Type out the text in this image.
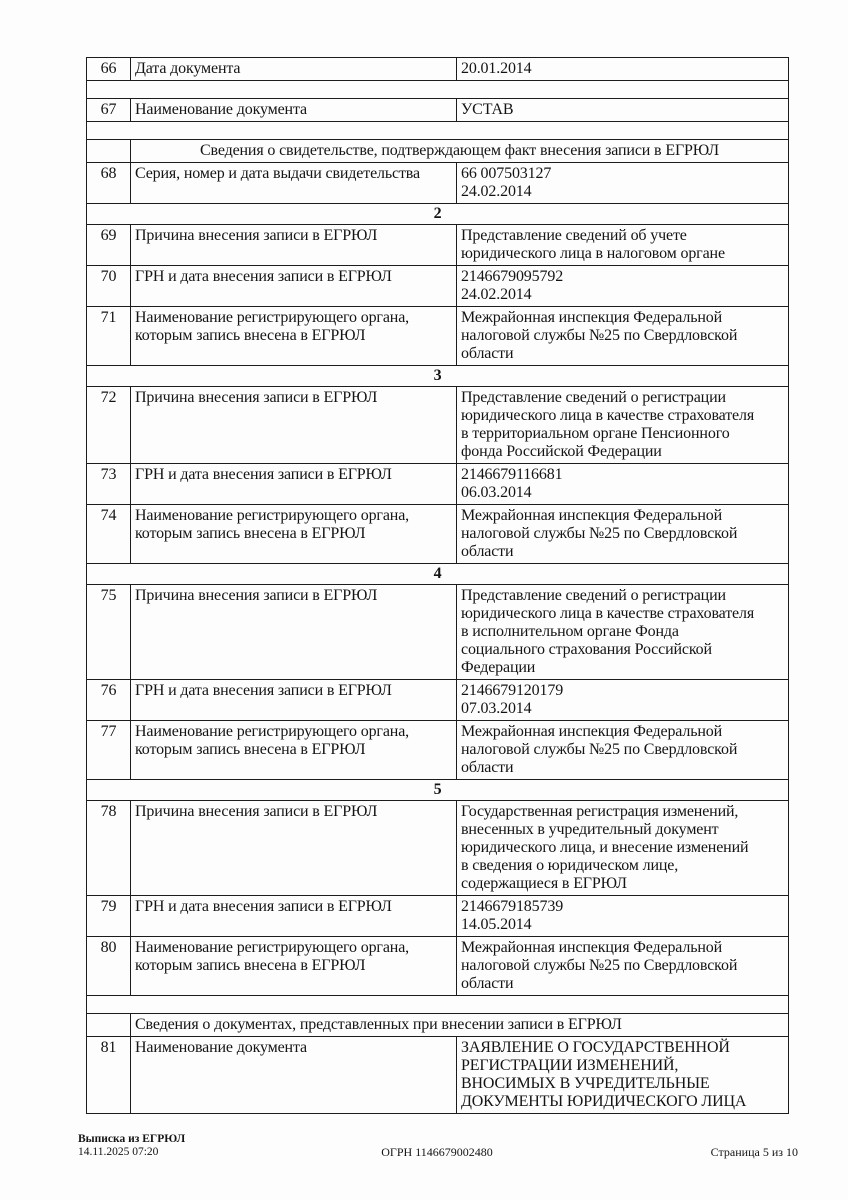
66	Дата документа	20.01.2014

67	Наименование документа	УСТАВ

	Сведения о свидетельстве, подтверждающем факт внесения записи в ЕГРЮЛ	
68	Серия, номер и дата выдачи свидетельства	66 007503127
24.02.2014
2		
69	Причина внесения записи в ЕГРЮЛ	Представление сведений об учете
юридического лица в налоговом органе
70	ГРН и дата внесения записи в ЕГРЮЛ	2146679095792
24.02.2014
71	Наименование регистрирующего органа,
которым запись внесена в ЕГРЮЛ	Межрайонная инспекция Федеральной
налоговой службы №25 по Свердловской
области
3		
72	Причина внесения записи в ЕГРЮЛ	Представление сведений о регистрации
юридического лица в качестве страхователя
в территориальном органе Пенсионного
фонда Российской Федерации
73	ГРН и дата внесения записи в ЕГРЮЛ	2146679116681
06.03.2014
74	Наименование регистрирующего органа,
которым запись внесена в ЕГРЮЛ	Межрайонная инспекция Федеральной
налоговой службы №25 по Свердловской
области
4		
75	Причина внесения записи в ЕГРЮЛ	Представление сведений о регистрации
юридического лица в качестве страхователя
в исполнительном органе Фонда
социального страхования Российской
Федерации
76	ГРН и дата внесения записи в ЕГРЮЛ	2146679120179
07.03.2014
77	Наименование регистрирующего органа,
которым запись внесена в ЕГРЮЛ	Межрайонная инспекция Федеральной
налоговой службы №25 по Свердловской
области
5		
78	Причина внесения записи в ЕГРЮЛ	Государственная регистрация изменений,
внесенных в учредительный документ
юридического лица, и внесение изменений
в сведения о юридическом лице,
содержащиеся в ЕГРЮЛ
79	ГРН и дата внесения записи в ЕГРЮЛ	2146679185739
14.05.2014
80	Наименование регистрирующего органа,
которым запись внесена в ЕГРЮЛ	Межрайонная инспекция Федеральной
налоговой службы №25 по Свердловской
области

	Сведения о документах, представленных при внесении записи в ЕГРЮЛ	
81	Наименование документа	ЗАЯВЛЕНИЕ О ГОСУДАРСТВЕННОЙ
РЕГИСТРАЦИИ ИЗМЕНЕНИЙ,
ВНОСИМЫХ В УЧРЕДИТЕЛЬНЫЕ
ДОКУМЕНТЫ ЮРИДИЧЕСКОГО ЛИЦА
Выписка из ЕГРЮЛ
14.11.2025 07:20	ОГРН 1146679002480	Страница 5 из 10
